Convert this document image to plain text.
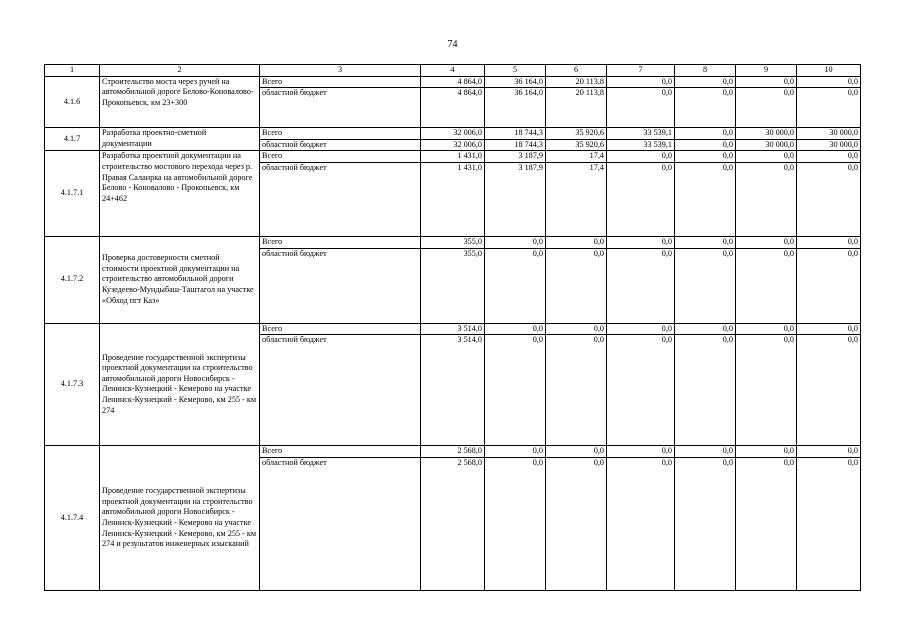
74
1	2	3	4	5	6	7	8	9	10
4.1.6	Строительство моста через ручей на автомобильной дороге Белово-Коновалово-Прокопьевск, км 23+300	Всего	4 864,0	36 164,0	20 113,8	0,0	0,0	0,0	0,0
		областной бюджет	4 864,0	36 164,0	20 113,8	0,0	0,0	0,0	0,0
4.1.7	Разработка проектно-сметной документации	Всего	32 006,0	18 744,3	35 920,6	33 539,1	0,0	30 000,0	30 000,0
		областной бюджет	32 006,0	18 744,3	35 920,6	33 539,1	0,0	30 000,0	30 000,0
4.1.7.1	Разработка проектной документации на строительство мостового перехода через р. Правая Саланрка на автомобильной дороге Белово - Коновалово - Прокопьевск, км 24+462	Всего	1 431,0	3 187,9	17,4	0,0	0,0	0,0	0,0
		областной бюджет	1 431,0	3 187,9	17,4	0,0	0,0	0,0	0,0
4.1.7.2	Проверка достоверности сметной стоимости проектной документации на строительство автомобильной дороги Кузедеево-Мундыбаш-Таштагол на участке «Обход пгт Каз»	Всего	355,0	0,0	0,0	0,0	0,0	0,0	0,0
		областной бюджет	355,0	0,0	0,0	0,0	0,0	0,0	0,0
4.1.7.3	Проведение государственной экспертизы проектной документации на строительство автомобильной дороги Новосибирск - Ленинск-Кузнецкий - Кемерово на участке Ленинск-Кузнецкий - Кемерово, км 255 - км 274	Всего	3 514,0	0,0	0,0	0,0	0,0	0,0	0,0
		областной бюджет	3 514,0	0,0	0,0	0,0	0,0	0,0	0,0
4.1.7.4	Проведение государственной экспертизы проектной документации на строительство автомобильной дороги Новосибирск - Ленинск-Кузнецкий - Кемерово на участке Ленинск-Кузнецкий - Кемерово, км 255 - км 274 и результатов инженерных изысканий	Всего	2 568,0	0,0	0,0	0,0	0,0	0,0	0,0
		областной бюджет	2 568,0	0,0	0,0	0,0	0,0	0,0	0,0
